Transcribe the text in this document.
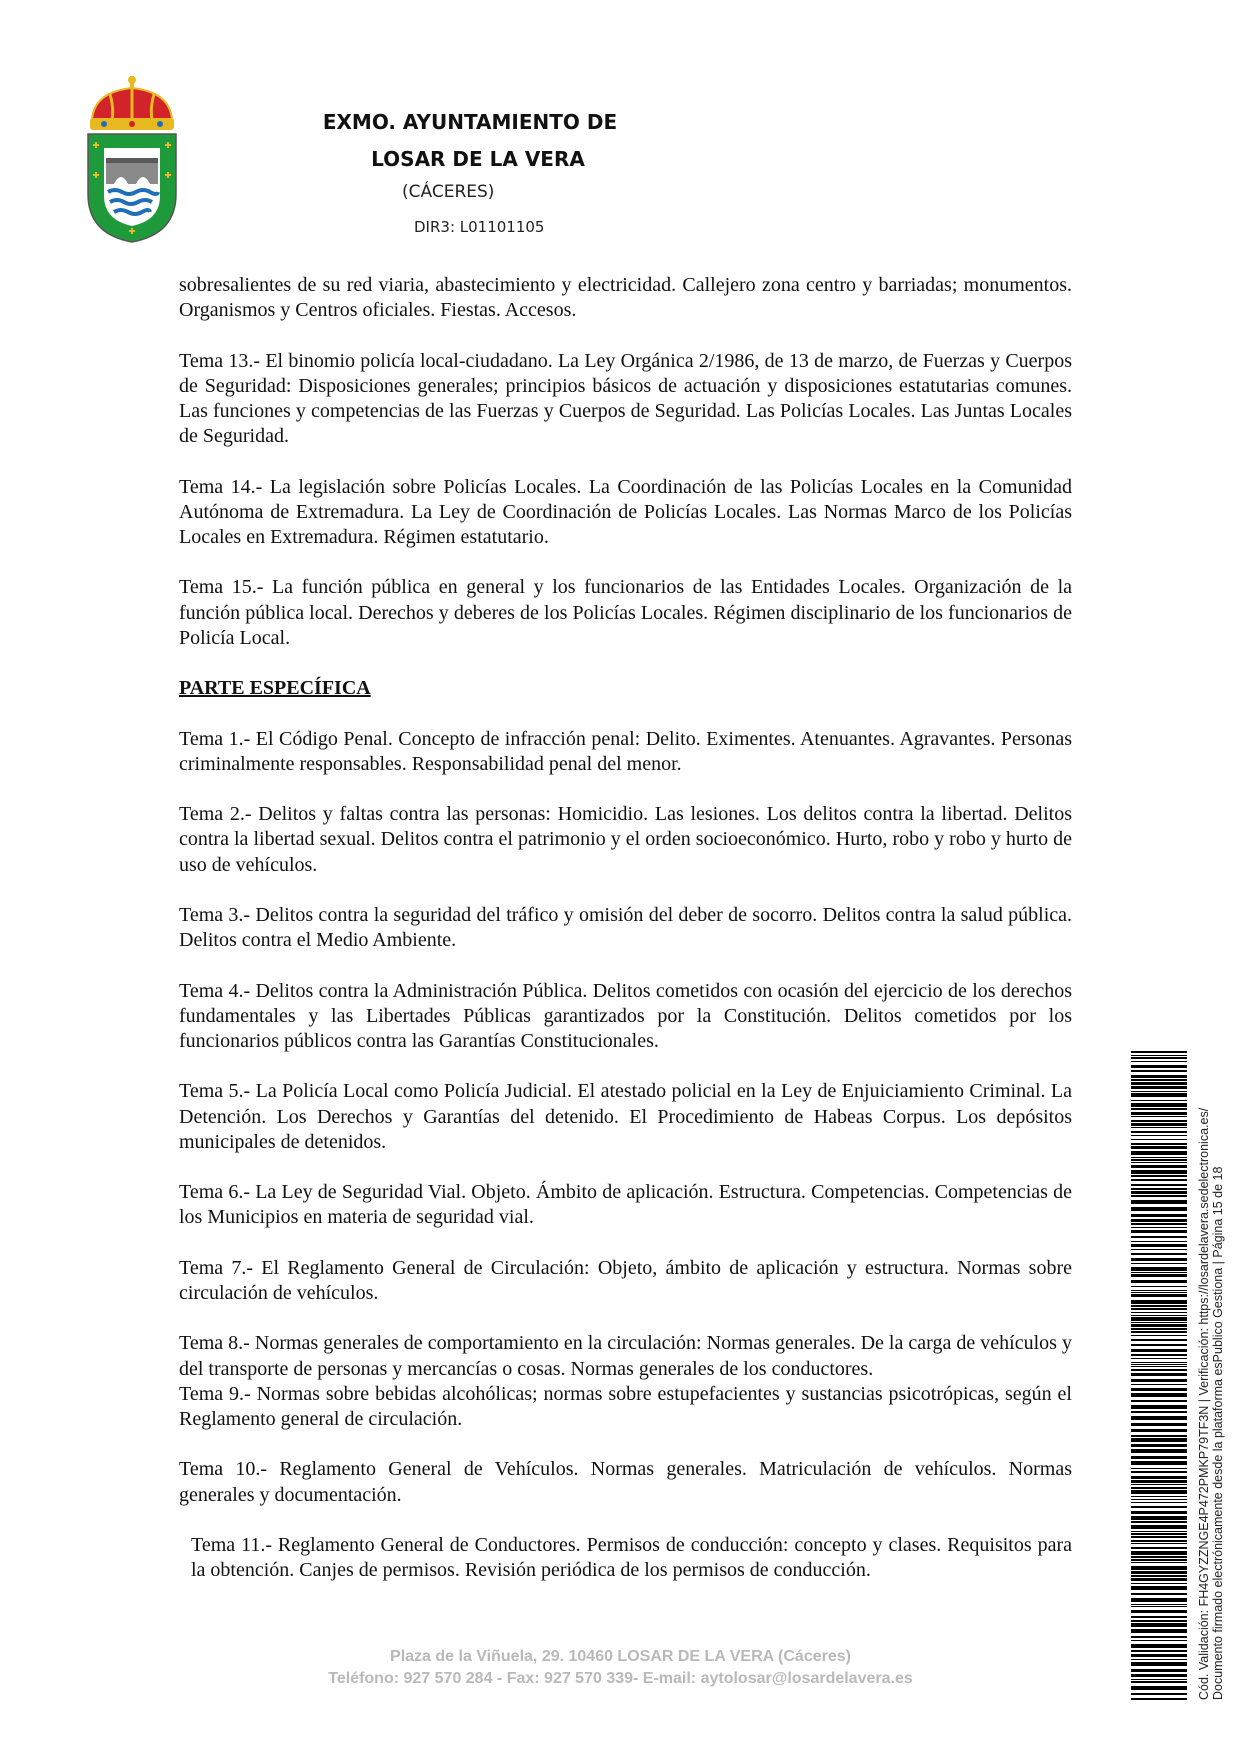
EXMO. AYUNTAMIENTO DE
LOSAR DE LA VERA
(CÁCERES)
DIR3: L01101105

sobresalientes de su red viaria, abastecimiento y electricidad. Callejero zona centro y barriadas; monumentos. Organismos y Centros oficiales. Fiestas. Accesos.

Tema 13.- El binomio policía local-ciudadano. La Ley Orgánica 2/1986, de 13 de marzo, de Fuerzas y Cuerpos de Seguridad: Disposiciones generales; principios básicos de actuación y disposiciones estatutarias comunes. Las funciones y competencias de las Fuerzas y Cuerpos de Seguridad. Las Policías Locales. Las Juntas Locales de Seguridad.

Tema 14.- La legislación sobre Policías Locales. La Coordinación de las Policías Locales en la Comunidad Autónoma de Extremadura. La Ley de Coordinación de Policías Locales. Las Normas Marco de los Policías Locales en Extremadura. Régimen estatutario.

Tema 15.- La función pública en general y los funcionarios de las Entidades Locales. Organización de la función pública local. Derechos y deberes de los Policías Locales. Régimen disciplinario de los funcionarios de Policía Local.

PARTE ESPECÍFICA

Tema 1.- El Código Penal. Concepto de infracción penal: Delito. Eximentes. Atenuantes. Agravantes. Personas criminalmente responsables. Responsabilidad penal del menor.

Tema 2.- Delitos y faltas contra las personas: Homicidio. Las lesiones. Los delitos contra la libertad. Delitos contra la libertad sexual. Delitos contra el patrimonio y el orden socioeconómico. Hurto, robo y robo y hurto de uso de vehículos.

Tema 3.- Delitos contra la seguridad del tráfico y omisión del deber de socorro. Delitos contra la salud pública. Delitos contra el Medio Ambiente.

Tema 4.- Delitos contra la Administración Pública. Delitos cometidos con ocasión del ejercicio de los derechos fundamentales y las Libertades Públicas garantizados por la Constitución. Delitos cometidos por los funcionarios públicos contra las Garantías Constitucionales.

Tema 5.- La Policía Local como Policía Judicial. El atestado policial en la Ley de Enjuiciamiento Criminal. La Detención. Los Derechos y Garantías del detenido. El Procedimiento de Habeas Corpus. Los depósitos municipales de detenidos.

Tema 6.- La Ley de Seguridad Vial. Objeto. Ámbito de aplicación. Estructura. Competencias. Competencias de los Municipios en materia de seguridad vial.

Tema 7.- El Reglamento General de Circulación: Objeto, ámbito de aplicación y estructura. Normas sobre circulación de vehículos.

Tema 8.- Normas generales de comportamiento en la circulación: Normas generales. De la carga de vehículos y del transporte de personas y mercancías o cosas. Normas generales de los conductores.

Tema 9.- Normas sobre bebidas alcohólicas; normas sobre estupefacientes y sustancias psicotrópicas, según el Reglamento general de circulación.

Tema 10.- Reglamento General de Vehículos. Normas generales. Matriculación de vehículos. Normas generales y documentación.

Tema 11.- Reglamento General de Conductores. Permisos de conducción: concepto y clases. Requisitos para la obtención. Canjes de permisos. Revisión periódica de los permisos de conducción.

Plaza de la Viñuela, 29. 10460 LOSAR DE LA VERA (Cáceres)
Teléfono: 927 570 284 - Fax: 927 570 339- E-mail: aytolosar@losardelavera.es	Cód. Validación: FH4GYZZNGE4P472PMKP79TF3N | Verificación: https://losardelavera.sedelectronica.es/ Documento firmado electrónicamente desde la plataforma esPublico Gestiona | Página 15 de 18
